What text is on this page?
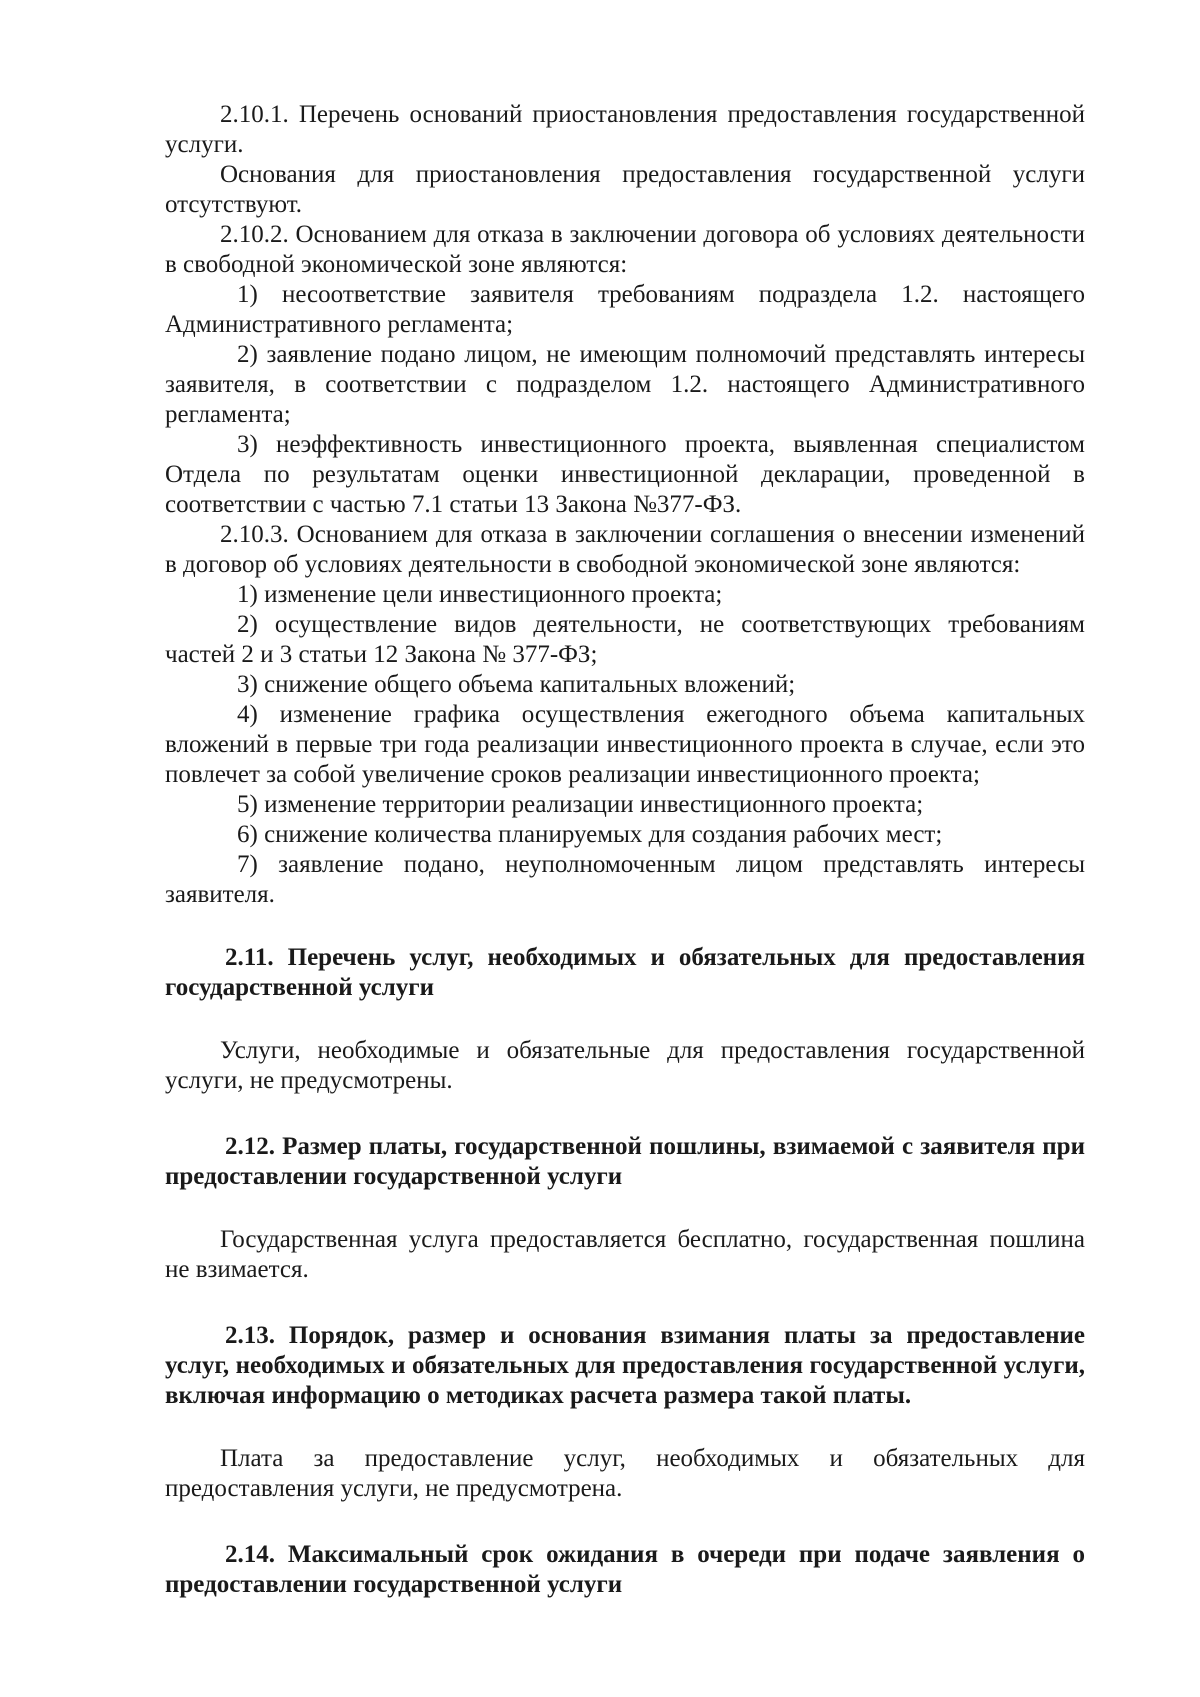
2.10.1. Перечень оснований приостановления предоставления государственной услуги.

Основания для приостановления предоставления государственной услуги отсутствуют.

2.10.2. Основанием для отказа в заключении договора об условиях деятельности в свободной экономической зоне являются:

1) несоответствие заявителя требованиям подраздела 1.2. настоящего Административного регламента;

2) заявление подано лицом, не имеющим полномочий представлять интересы заявителя, в соответствии с подразделом 1.2. настоящего Административного регламента;

3) неэффективность инвестиционного проекта, выявленная специалистом Отдела по результатам оценки инвестиционной декларации, проведенной в соответствии с частью 7.1 статьи 13 Закона №377-ФЗ.

2.10.3. Основанием для отказа в заключении соглашения о внесении изменений в договор об условиях деятельности в свободной экономической зоне являются:

1) изменение цели инвестиционного проекта;

2) осуществление видов деятельности, не соответствующих требованиям частей 2 и 3 статьи 12 Закона № 377-ФЗ;

3) снижение общего объема капитальных вложений;

4) изменение графика осуществления ежегодного объема капитальных вложений в первые три года реализации инвестиционного проекта в случае, если это повлечет за собой увеличение сроков реализации инвестиционного проекта;

5) изменение территории реализации инвестиционного проекта;

6) снижение количества планируемых для создания рабочих мест;

7) заявление подано, неуполномоченным лицом представлять интересы заявителя.

2.11. Перечень услуг, необходимых и обязательных для предоставления государственной услуги

Услуги, необходимые и обязательные для предоставления государственной услуги, не предусмотрены.

2.12. Размер платы, государственной пошлины, взимаемой с заявителя при предоставлении государственной услуги

Государственная услуга предоставляется бесплатно, государственная пошлина не взимается.

2.13. Порядок, размер и основания взимания платы за предоставление услуг, необходимых и обязательных для предоставления государственной услуги, включая информацию о методиках расчета размера такой платы.

Плата за предоставление услуг, необходимых и обязательных для предоставления услуги, не предусмотрена.

2.14. Максимальный срок ожидания в очереди при подаче заявления о предоставлении государственной услуги
